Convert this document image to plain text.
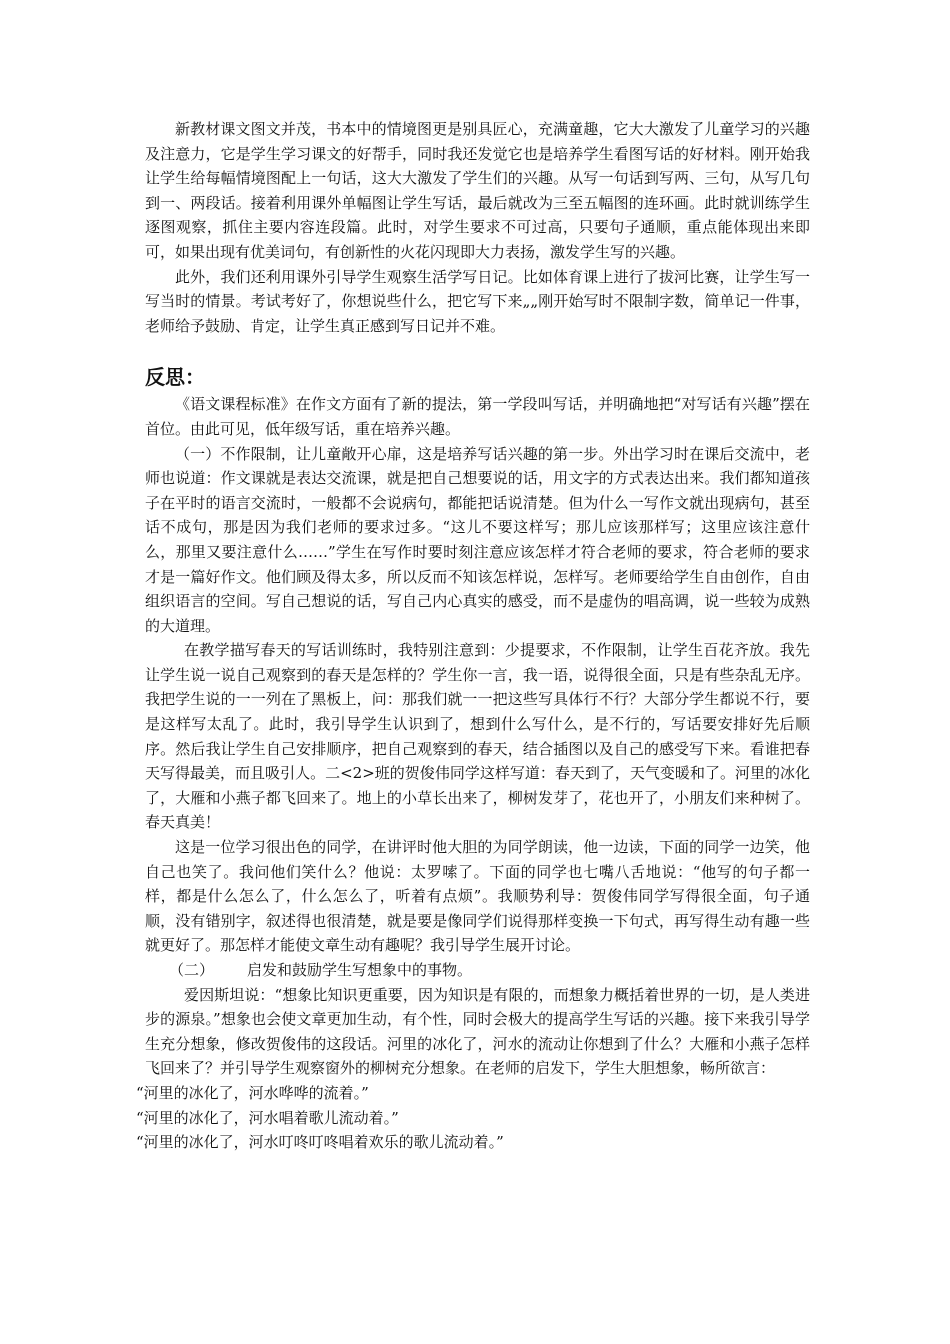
新教材课文图文并茂，书本中的情境图更是别具匠心，充满童趣，它大大激发了儿童学习的兴趣及注意力，它是学生学习课文的好帮手，同时我还发觉它也是培养学生看图写话的好材料。刚开始我让学生给每幅情境图配上一句话，这大大激发了学生们的兴趣。从写一句话到写两、三句，从写几句到一、两段话。接着利用课外单幅图让学生写话，最后就改为三至五幅图的连环画。此时就训练学生逐图观察，抓住主要内容连段篇。此时，对学生要求不可过高，只要句子通顺，重点能体现出来即可，如果出现有优美词句，有创新性的火花闪现即大力表扬，激发学生写的兴趣。

此外，我们还利用课外引导学生观察生活学写日记。比如体育课上进行了拔河比赛，让学生写一写当时的情景。考试考好了，你想说些什么，把它写下来„„刚开始写时不限制字数，简单记一件事，老师给予鼓励、肯定，让学生真正感到写日记并不难。

反思：

《语文课程标准》在作文方面有了新的提法，第一学段叫写话，并明确地把“对写话有兴趣”摆在首位。由此可见，低年级写话，重在培养兴趣。

（一）不作限制，让儿童敞开心扉，这是培养写话兴趣的第一步。外出学习时在课后交流中，老师也说道：作文课就是表达交流课，就是把自己想要说的话，用文字的方式表达出来。我们都知道孩子在平时的语言交流时，一般都不会说病句，都能把话说清楚。但为什么一写作文就出现病句，甚至话不成句，那是因为我们老师的要求过多。“这儿不要这样写；那儿应该那样写；这里应该注意什么，那里又要注意什么……”学生在写作时要时刻注意应该怎样才符合老师的要求，符合老师的要求才是一篇好作文。他们顾及得太多，所以反而不知该怎样说，怎样写。老师要给学生自由创作，自由组织语言的空间。写自己想说的话，写自己内心真实的感受，而不是虚伪的唱高调，说一些较为成熟的大道理。

在教学描写春天的写话训练时，我特别注意到：少提要求，不作限制，让学生百花齐放。我先让学生说一说自己观察到的春天是怎样的？学生你一言，我一语，说得很全面，只是有些杂乱无序。我把学生说的一一列在了黑板上，问：那我们就一一把这些写具体行不行？大部分学生都说不行，要是这样写太乱了。此时，我引导学生认识到了，想到什么写什么，是不行的，写话要安排好先后顺序。然后我让学生自己安排顺序，把自己观察到的春天，结合插图以及自己的感受写下来。看谁把春天写得最美，而且吸引人。二<2>班的贺俊伟同学这样写道：春天到了，天气变暖和了。河里的冰化了，大雁和小燕子都飞回来了。地上的小草长出来了，柳树发芽了，花也开了，小朋友们来种树了。春天真美！

这是一位学习很出色的同学，在讲评时他大胆的为同学朗读，他一边读，下面的同学一边笑，他自己也笑了。我问他们笑什么？他说：太罗嗦了。下面的同学也七嘴八舌地说：“他写的句子都一样，都是什么怎么了，什么怎么了，听着有点烦”。我顺势利导：贺俊伟同学写得很全面，句子通顺，没有错别字，叙述得也很清楚，就是要是像同学们说得那样变换一下句式，再写得生动有趣一些就更好了。那怎样才能使文章生动有趣呢？我引导学生展开讨论。

（二） 启发和鼓励学生写想象中的事物。

爱因斯坦说：“想象比知识更重要，因为知识是有限的，而想象力概括着世界的一切，是人类进步的源泉。”想象也会使文章更加生动，有个性，同时会极大的提高学生写话的兴趣。接下来我引导学生充分想象，修改贺俊伟的这段话。河里的冰化了，河水的流动让你想到了什么？大雁和小燕子怎样飞回来了？并引导学生观察窗外的柳树充分想象。在老师的启发下，学生大胆想象，畅所欲言：

“河里的冰化了，河水哗哗的流着。”

“河里的冰化了，河水唱着歌儿流动着。”

“河里的冰化了，河水叮咚叮咚唱着欢乐的歌儿流动着。”
